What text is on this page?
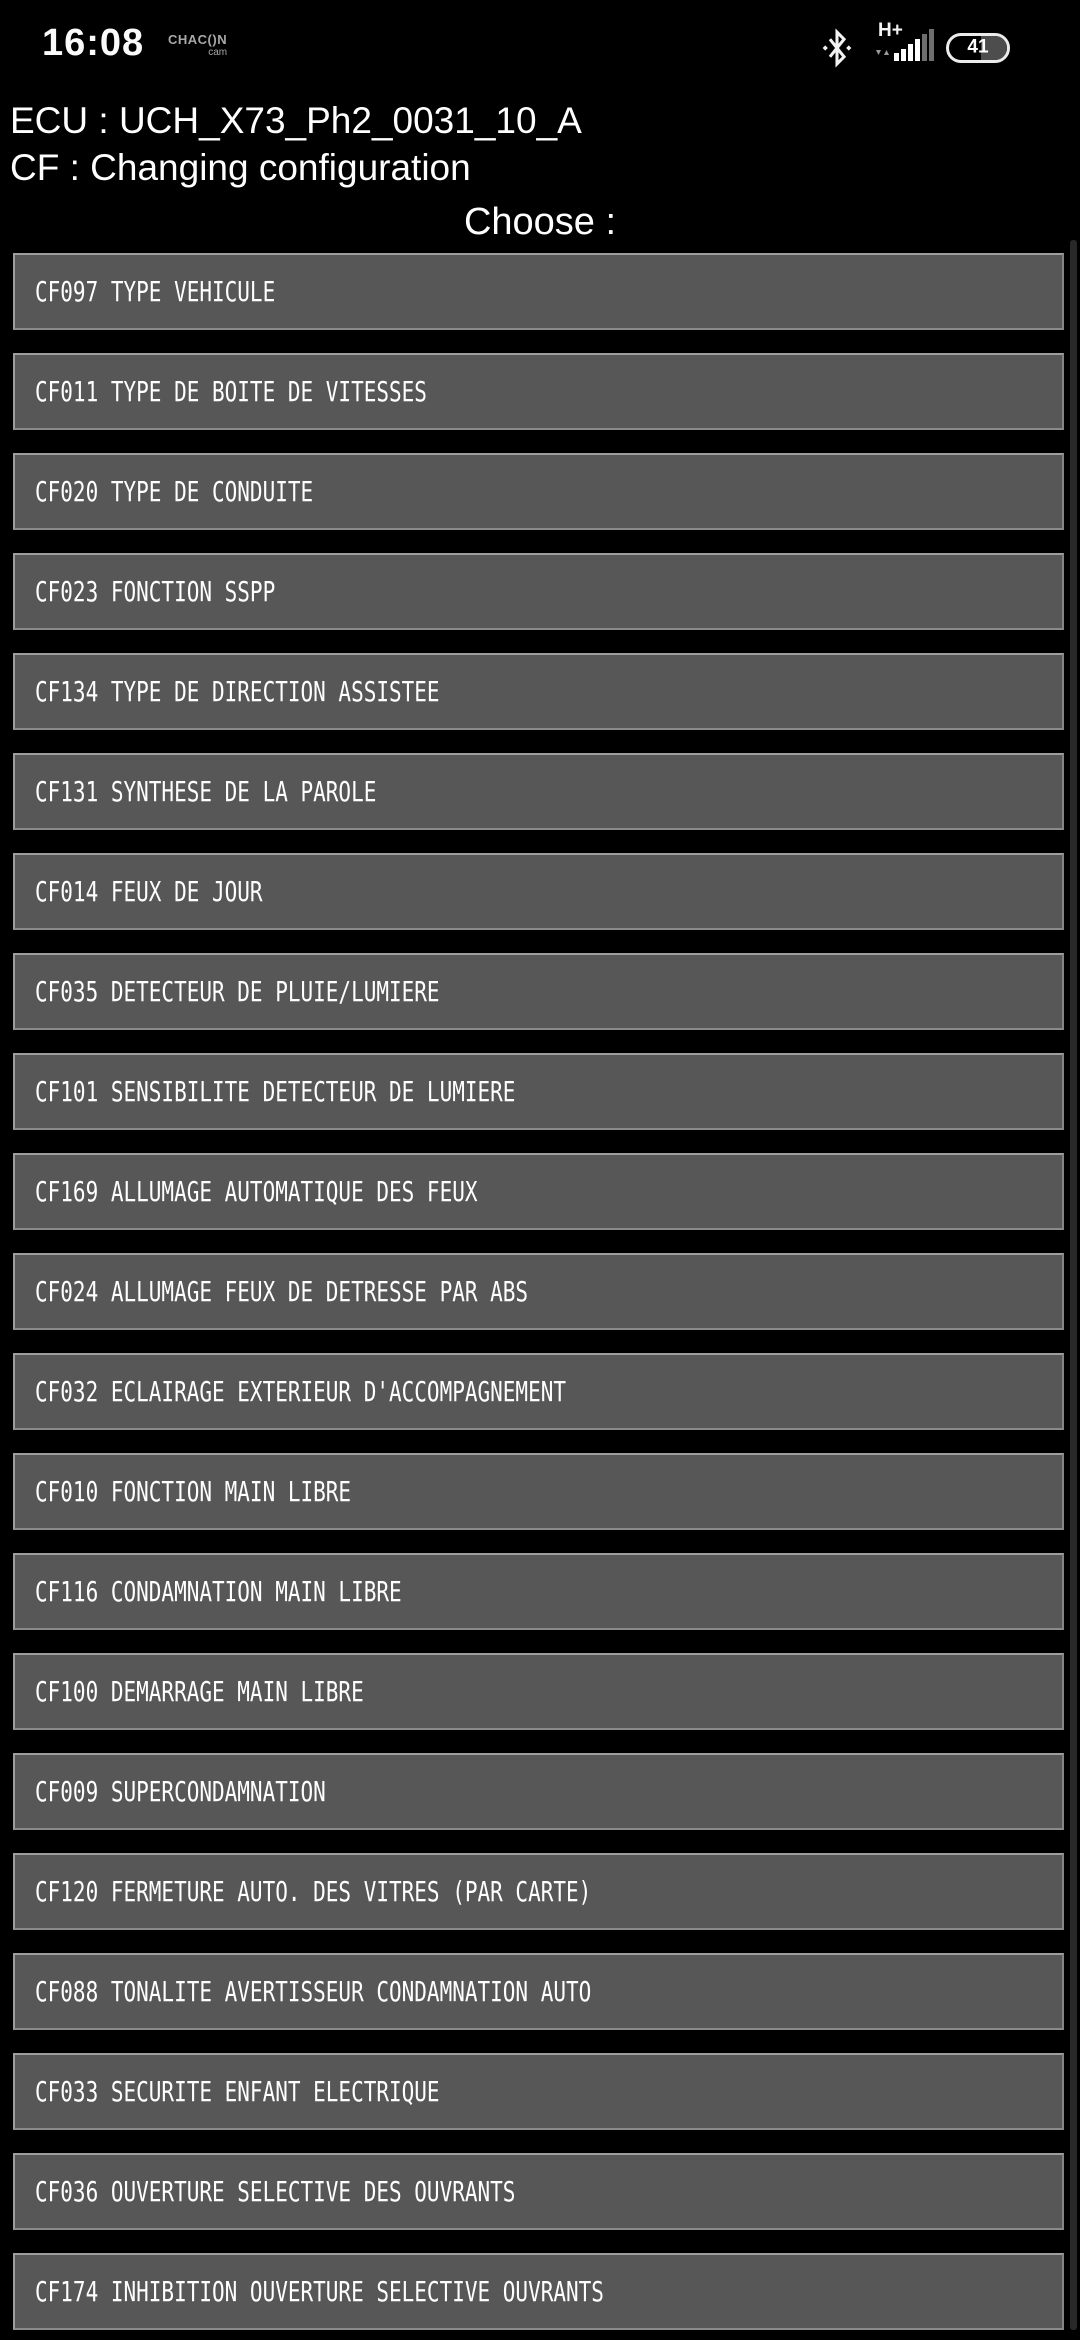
16:08 CHAC()N
cam
H+
41
ECU : UCH_X73_Ph2_0031_10_A
CF : Changing configuration
Choose :
CF097 TYPE VEHICULE
CF011 TYPE DE BOITE DE VITESSES
CF020 TYPE DE CONDUITE
CF023 FONCTION SSPP
CF134 TYPE DE DIRECTION ASSISTEE
CF131 SYNTHESE DE LA PAROLE
CF014 FEUX DE JOUR
CF035 DETECTEUR DE PLUIE/LUMIERE
CF101 SENSIBILITE DETECTEUR DE LUMIERE
CF169 ALLUMAGE AUTOMATIQUE DES FEUX
CF024 ALLUMAGE FEUX DE DETRESSE PAR ABS
CF032 ECLAIRAGE EXTERIEUR D'ACCOMPAGNEMENT
CF010 FONCTION MAIN LIBRE
CF116 CONDAMNATION MAIN LIBRE
CF100 DEMARRAGE MAIN LIBRE
CF009 SUPERCONDAMNATION
CF120 FERMETURE AUTO. DES VITRES (PAR CARTE)
CF088 TONALITE AVERTISSEUR CONDAMNATION AUTO
CF033 SECURITE ENFANT ELECTRIQUE
CF036 OUVERTURE SELECTIVE DES OUVRANTS
CF174 INHIBITION OUVERTURE SELECTIVE OUVRANTS
